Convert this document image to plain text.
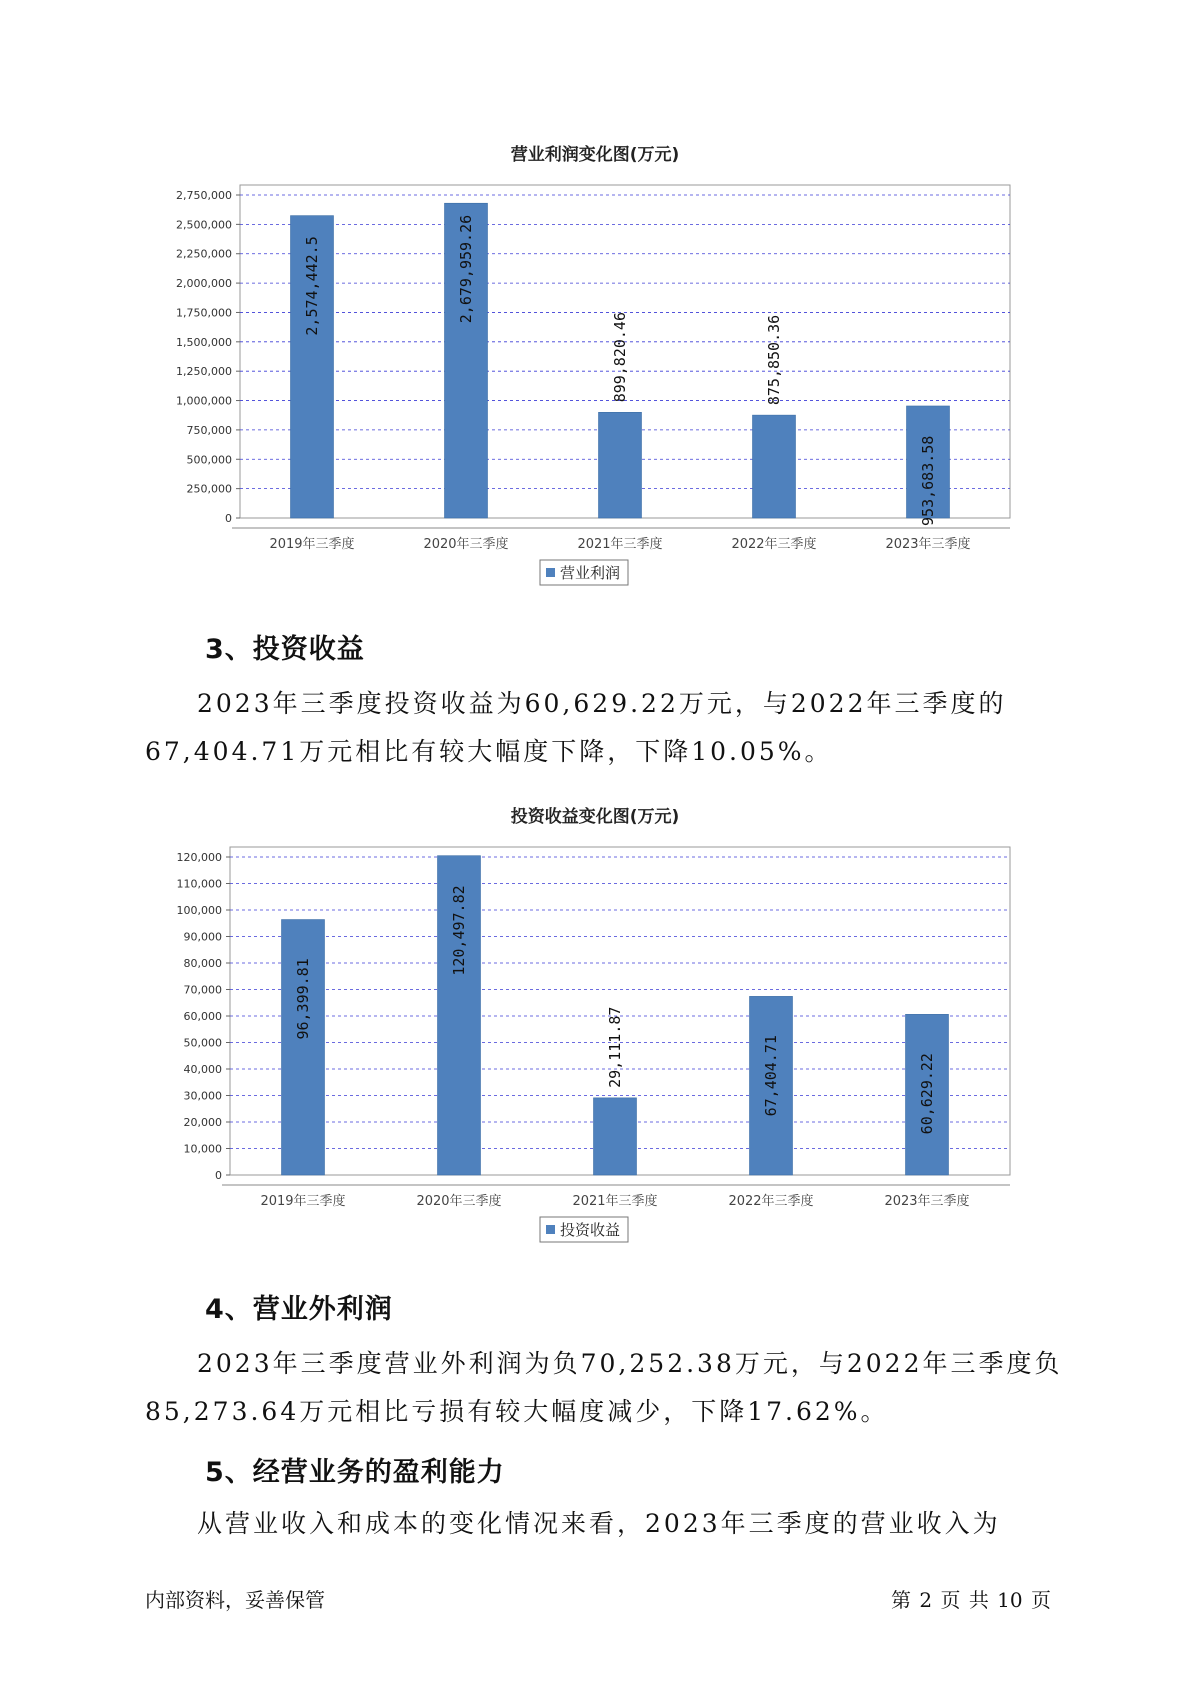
营业利润变化图(万元)
0
250,000
500,000
750,000
1,000,000
1,250,000
1,500,000
1,750,000
2,000,000
2,250,000
2,500,000
2,750,000
2,574,442.5
2019年三季度
2,679,959.26
2020年三季度
899,820.46
2021年三季度
875,850.36
2022年三季度
953,683.58
2023年三季度
营业利润
3、投资收益

2023年三季度投资收益为60,629.22万元，与2022年三季度的67,404.71万元相比有较大幅度下降，下降10.05%。

投资收益变化图(万元)
0
10,000
20,000
30,000
40,000
50,000
60,000
70,000
80,000
90,000
100,000
110,000
120,000
96,399.81
2019年三季度
120,497.82
2020年三季度
29,111.87
2021年三季度
67,404.71
2022年三季度
60,629.22
2023年三季度
投资收益
4、营业外利润

2023年三季度营业外利润为负70,252.38万元，与2022年三季度负85,273.64万元相比亏损有较大幅度减少，下降17.62%。

5、经营业务的盈利能力

从营业收入和成本的变化情况来看，2023年三季度的营业收入为

内部资料，妥善保管	第 2 页 共 10 页
